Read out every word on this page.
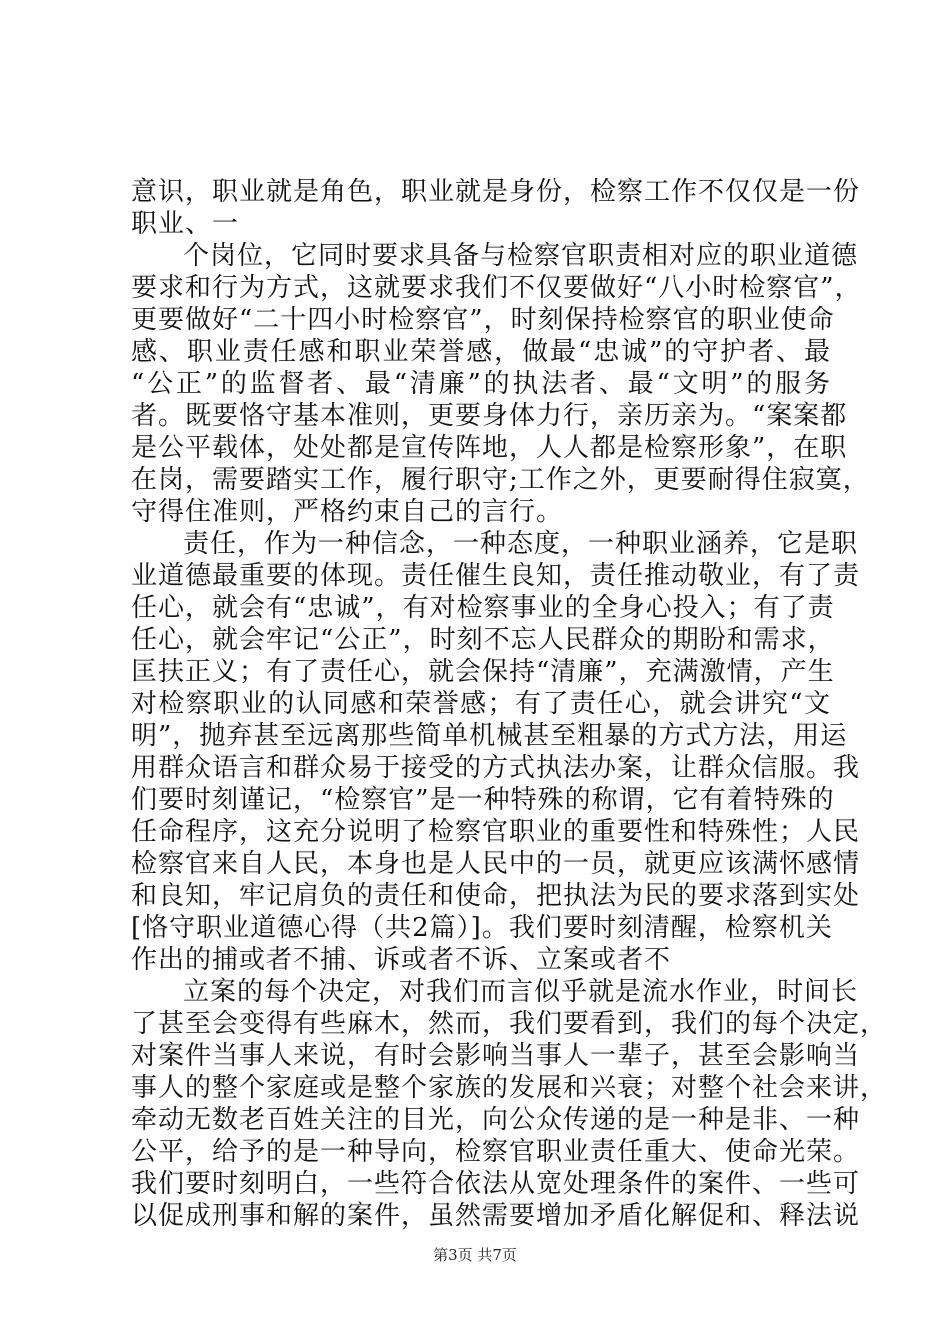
意识，职业就是角色，职业就是身份，检察工作不仅仅是一份
职业、一
个岗位，它同时要求具备与检察官职责相对应的职业道德
要求和行为方式，这就要求我们不仅要做好“八小时检察官”，
更要做好“二十四小时检察官”，时刻保持检察官的职业使命
感、职业责任感和职业荣誉感，做最“忠诚”的守护者、最
“公正”的监督者、最“清廉”的执法者、最“文明”的服务
者。既要恪守基本准则，更要身体力行，亲历亲为。“案案都
是公平载体，处处都是宣传阵地，人人都是检察形象”，在职
在岗，需要踏实工作，履行职守;工作之外，更要耐得住寂寞，
守得住准则，严格约束自己的言行。
责任，作为一种信念，一种态度，一种职业涵养，它是职
业道德最重要的体现。责任催生良知，责任推动敬业，有了责
任心，就会有“忠诚”，有对检察事业的全身心投入；有了责
任心，就会牢记“公正”，时刻不忘人民群众的期盼和需求，
匡扶正义；有了责任心，就会保持“清廉”，充满激情，产生
对检察职业的认同感和荣誉感；有了责任心，就会讲究“文
明”，抛弃甚至远离那些简单机械甚至粗暴的方式方法，用运
用群众语言和群众易于接受的方式执法办案，让群众信服。我
们要时刻谨记，“检察官”是一种特殊的称谓，它有着特殊的
任命程序，这充分说明了检察官职业的重要性和特殊性；人民
检察官来自人民，本身也是人民中的一员，就更应该满怀感情
和良知，牢记肩负的责任和使命，把执法为民的要求落到实处
[恪守职业道德心得（共2篇）]。我们要时刻清醒，检察机关
作出的捕或者不捕、诉或者不诉、立案或者不
立案的每个决定，对我们而言似乎就是流水作业，时间长
了甚至会变得有些麻木，然而，我们要看到，我们的每个决定，
对案件当事人来说，有时会影响当事人一辈子，甚至会影响当
事人的整个家庭或是整个家族的发展和兴衰；对整个社会来讲，
牵动无数老百姓关注的目光，向公众传递的是一种是非、一种
公平，给予的是一种导向，检察官职业责任重大、使命光荣。
我们要时刻明白，一些符合依法从宽处理条件的案件、一些可
以促成刑事和解的案件，虽然需要增加矛盾化解促和、释法说
第3页 共7页
